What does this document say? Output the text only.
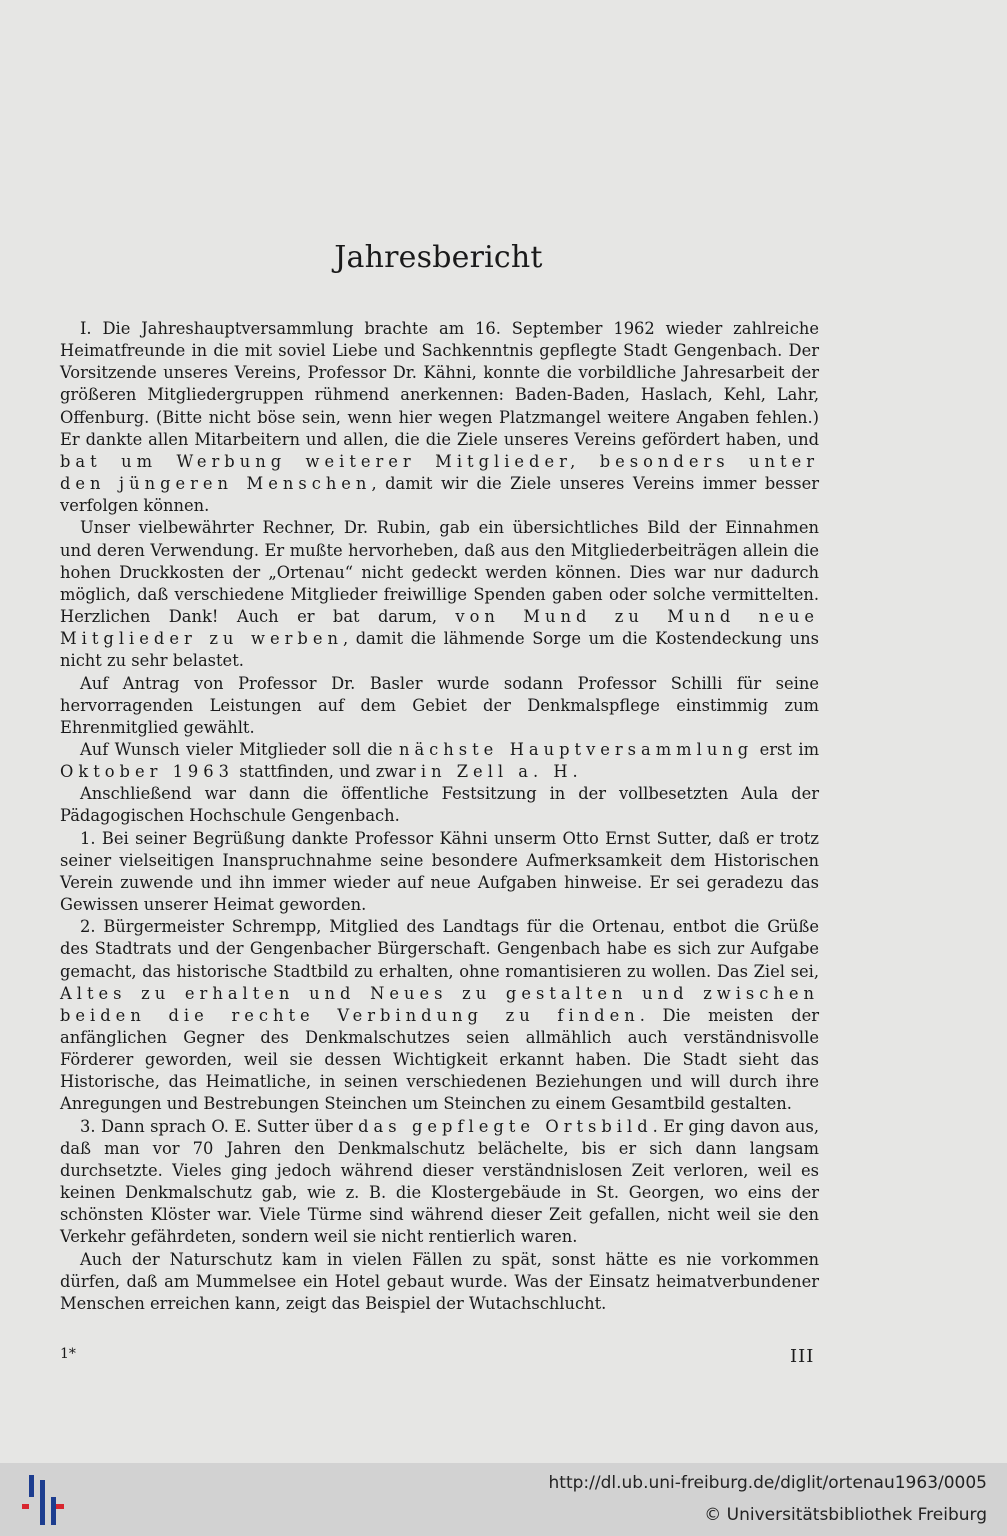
Jahresbericht

I. Die Jahreshauptversammlung brachte am 16. September 1962 wieder zahlreiche Heimatfreunde in die mit soviel Liebe und Sachkenntnis gepflegte Stadt Gengenbach. Der Vorsitzende unseres Vereins, Professor Dr. Kähni, konnte die vorbildliche Jahresarbeit der größeren Mitgliedergruppen rühmend anerkennen: Baden-Baden, Haslach, Kehl, Lahr, Offenburg. (Bitte nicht böse sein, wenn hier wegen Platzmangel weitere Angaben fehlen.) Er dankte allen Mitarbeitern und allen, die die Ziele unseres Vereins gefördert haben, und bat um Werbung weiterer Mitglieder, besonders unter den jüngeren Menschen, damit wir die Ziele unseres Vereins immer besser verfolgen können.

Unser vielbewährter Rechner, Dr. Rubin, gab ein übersichtliches Bild der Einnahmen und deren Verwendung. Er mußte hervorheben, daß aus den Mitgliederbeiträgen allein die hohen Druckkosten der „Ortenau“ nicht gedeckt werden können. Dies war nur dadurch möglich, daß verschiedene Mitglieder freiwillige Spenden gaben oder solche vermittelten. Herzlichen Dank! Auch er bat darum, von Mund zu Mund neue Mitglieder zu werben, damit die lähmende Sorge um die Kostendeckung uns nicht zu sehr belastet.

Auf Antrag von Professor Dr. Basler wurde sodann Professor Schilli für seine hervorragenden Leistungen auf dem Gebiet der Denkmalspflege einstimmig zum Ehrenmitglied gewählt.

Auf Wunsch vieler Mitglieder soll die nächste Hauptversammlung erst im Oktober 1963 stattfinden, und zwar in Zell a. H.

Anschließend war dann die öffentliche Festsitzung in der vollbesetzten Aula der Pädagogischen Hochschule Gengenbach.

1. Bei seiner Begrüßung dankte Professor Kähni unserm Otto Ernst Sutter, daß er trotz seiner vielseitigen Inanspruchnahme seine besondere Aufmerksamkeit dem Historischen Verein zuwende und ihn immer wieder auf neue Aufgaben hinweise. Er sei geradezu das Gewissen unserer Heimat geworden.

2. Bürgermeister Schrempp, Mitglied des Landtags für die Ortenau, entbot die Grüße des Stadtrats und der Gengenbacher Bürgerschaft. Gengenbach habe es sich zur Aufgabe gemacht, das historische Stadtbild zu erhalten, ohne romantisieren zu wollen. Das Ziel sei, Altes zu erhalten und Neues zu gestalten und zwischen beiden die rechte Verbindung zu finden. Die meisten der anfänglichen Gegner des Denkmalschutzes seien allmählich auch verständnisvolle Förderer geworden, weil sie dessen Wichtigkeit erkannt haben. Die Stadt sieht das Historische, das Heimatliche, in seinen verschiedenen Beziehungen und will durch ihre Anregungen und Bestrebungen Steinchen um Steinchen zu einem Gesamtbild gestalten.

3. Dann sprach O. E. Sutter über das gepflegte Ortsbild. Er ging davon aus, daß man vor 70 Jahren den Denkmalschutz belächelte, bis er sich dann langsam durchsetzte. Vieles ging jedoch während dieser verständnislosen Zeit verloren, weil es keinen Denkmalschutz gab, wie z. B. die Klostergebäude in St. Georgen, wo eins der schönsten Klöster war. Viele Türme sind während dieser Zeit gefallen, nicht weil sie den Verkehr gefährdeten, sondern weil sie nicht rentierlich waren.

Auch der Naturschutz kam in vielen Fällen zu spät, sonst hätte es nie vorkommen dürfen, daß am Mummelsee ein Hotel gebaut wurde. Was der Einsatz heimatverbundener Menschen erreichen kann, zeigt das Beispiel der Wutachschlucht.

1*	III
http://dl.ub.uni-freiburg.de/diglit/ortenau1963/0005
© Universitätsbibliothek Freiburg
